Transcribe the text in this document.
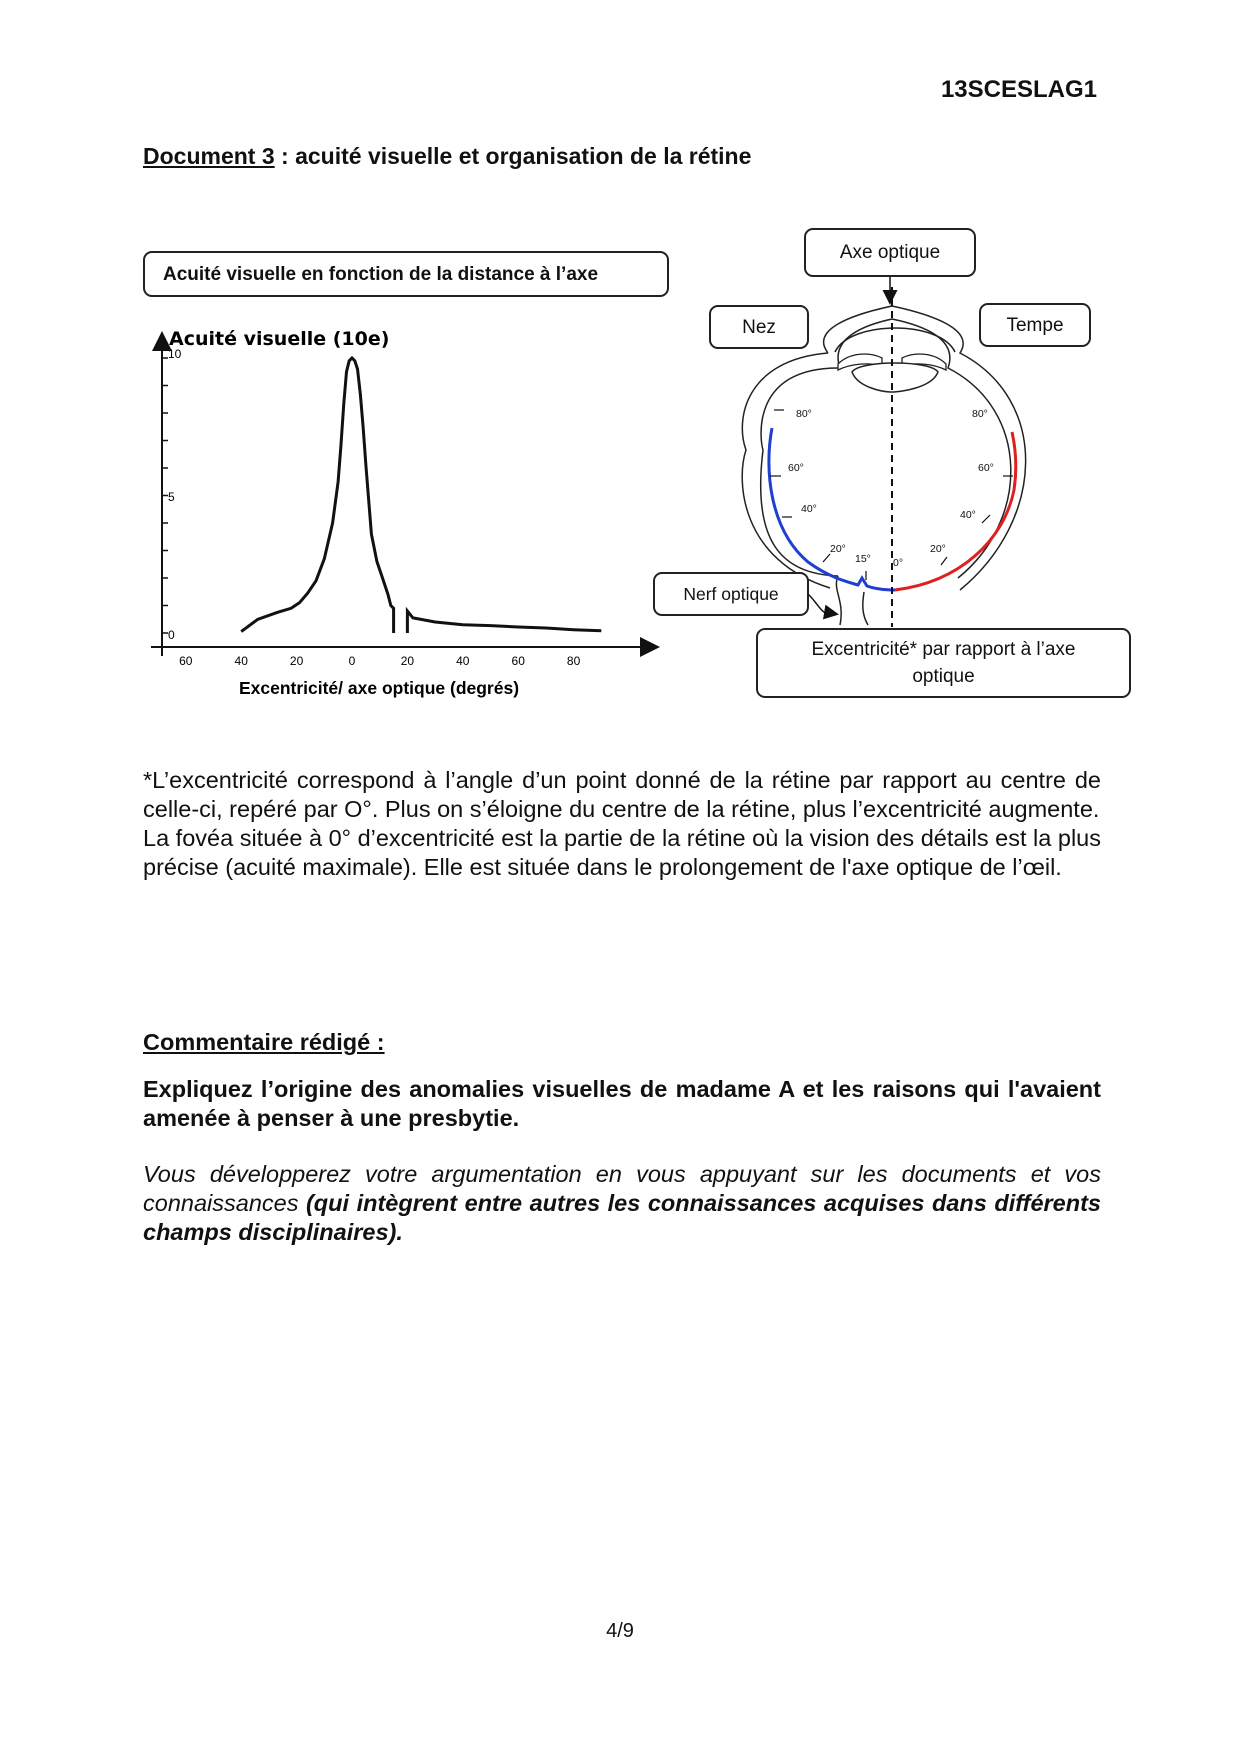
13SCESLAG1
Document 3 : acuité visuelle et organisation de la rétine
Acuité visuelle en fonction de la distance à l’axe
Acuité visuelle (10e)
10
5
0
60	40	20	0	20	40	60	80
Excentricité/ axe optique (degrés)
80°
60°
40°
20°
15° 0°
80°
60°
40°
20°
Axe optique
Nez	Tempe
Nerf optique
Excentricité* par rapport à l’axe optique

*L’excentricité correspond à l’angle d’un point donné de la rétine par rapport au centre de celle-ci, repéré par O°. Plus on s’éloigne du centre de la rétine, plus l’excentricité augmente.

La fovéa située à 0° d’excentricité est la partie de la rétine où la vision des détails est la plus précise (acuité maximale). Elle est située dans le prolongement de l'axe optique de l’œil.

Commentaire rédigé :
Expliquez l’origine des anomalies visuelles de madame A et les raisons qui l'avaient amenée à penser à une presbytie.
Vous développerez votre argumentation en vous appuyant sur les documents et vos connaissances (qui intègrent entre autres les connaissances acquises dans différents champs disciplinaires).
4/9
